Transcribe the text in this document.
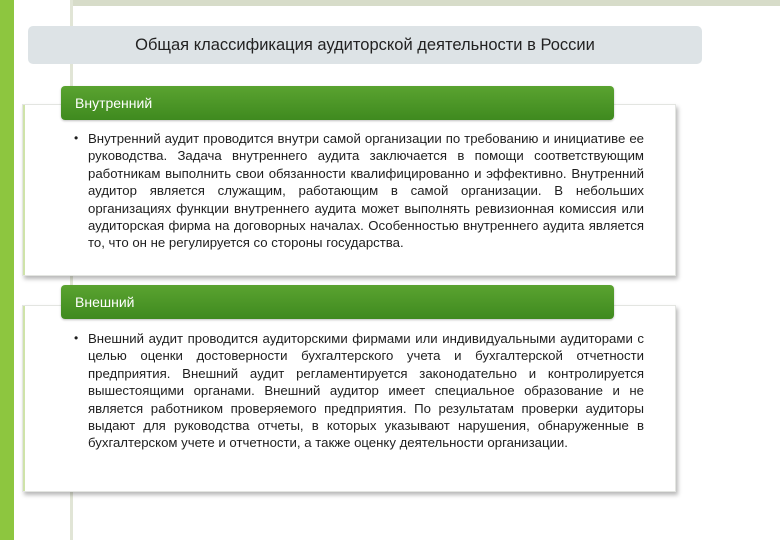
Общая классификация аудиторской деятельности в России
Внутренний
• Внутренний аудит проводится внутри самой организации по требованию и инициативе ее руководства. Задача внутреннего аудита заключается в помощи соответствующим работникам выполнить свои обязанности квалифицированно и эффективно. Внутренний аудитор является служащим, работающим в самой организации. В небольших организациях функции внутреннего аудита может выполнять ревизионная комиссия или аудиторская фирма на договорных началах. Особенностью внутреннего аудита является то, что он не регулируется со стороны государства.
Внешний
• Внешний аудит проводится аудиторскими фирмами или индивидуальными аудиторами с целью оценки достоверности бухгалтерского учета и бухгалтерской отчетности предприятия. Внешний аудит регламентируется законодательно и контролируется вышестоящими органами. Внешний аудитор имеет специальное образование и не является работником проверяемого предприятия. По результатам проверки аудиторы выдают для руководства отчеты, в которых указывают нарушения, обнаруженные в бухгалтерском учете и отчетности, а также оценку деятельности организации.
